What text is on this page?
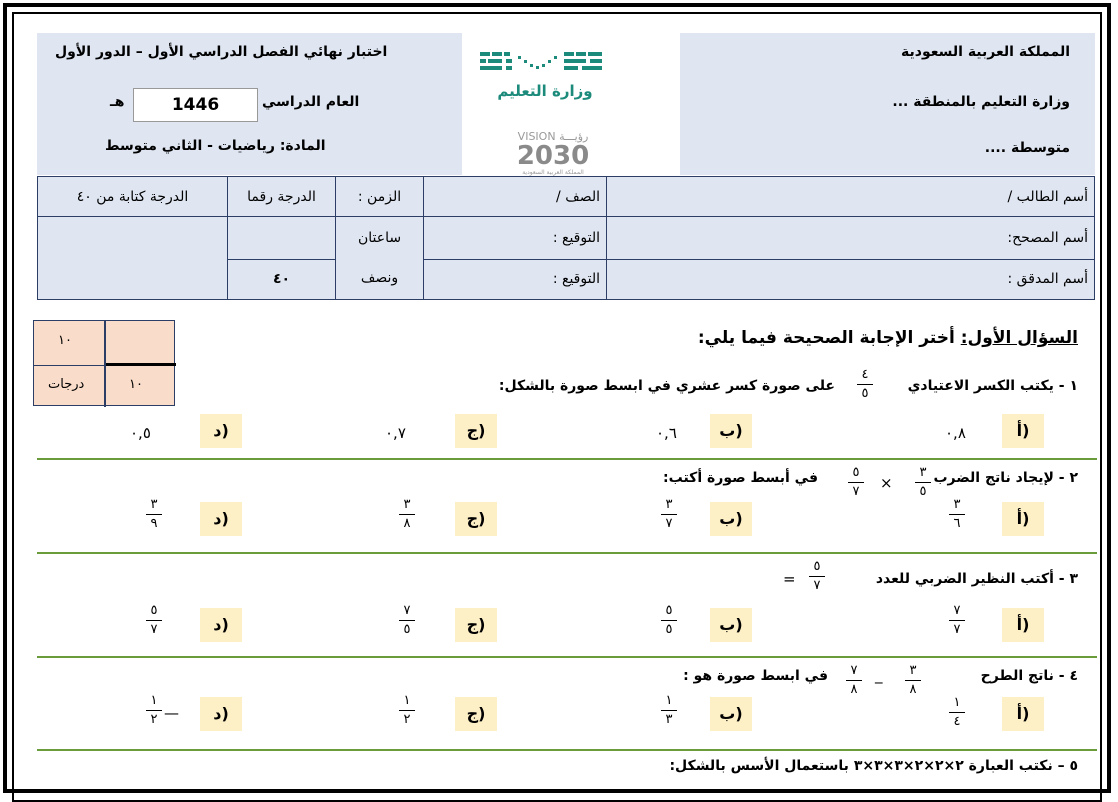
المملكة العربية السعودية
وزارة التعليم بالمنطقة ...
متوسطة ....
اختبار نهائي الفصل الدراسي الأول – الدور الأول
العام الدراسي
1446
هـ
المادة: رياضيات - الثاني متوسط
وزارة التعليم
VISION رؤيـــة
2030
المملكة العربية السعودية
أسم الطالب /	الصف /	الزمن :	الدرجة رقما	الدرجة كتابة من ٤٠
أسم المصحح:	التوقيع :	ساعتان
ونصف		

أسم المدقق :	التوقيع :		٤٠	
١٠
١٠
درجات
السؤال الأول: أختر الإجابة الصحيحة فيما يلي:
١ - يكتب الكسر الاعتيادي
٤
٥
على صورة كسر عشري في ابسط صورة بالشكل:
أ)
٠,٨
ب)
٠,٦
ج)
٠,٧
د)
٠,٥
٢ - لإيجاد ناتج الضرب
٣
٥
×
٥
٧
في أبسط صورة أكتب:
أ)
٣
٦
ب)
٣
٧
ج)
٣
٨
د)
٣
٩
٣ - أكتب النظير الضربي للعدد
٥
٧
=
أ)
٧
٧
ب)
٥
٥
ج)
٧
٥
د)
٥
٧
٤ - ناتج الطرح
٣
٨
_
٧
٨
في ابسط صورة هو :
أ)
١
٤
ب)
١
٣
ج)
١
٢
د)
١
٢ —
٥ – نكتب العبارة ٢×٢×٢×٣×٣×٣ باستعمال الأسس بالشكل:
